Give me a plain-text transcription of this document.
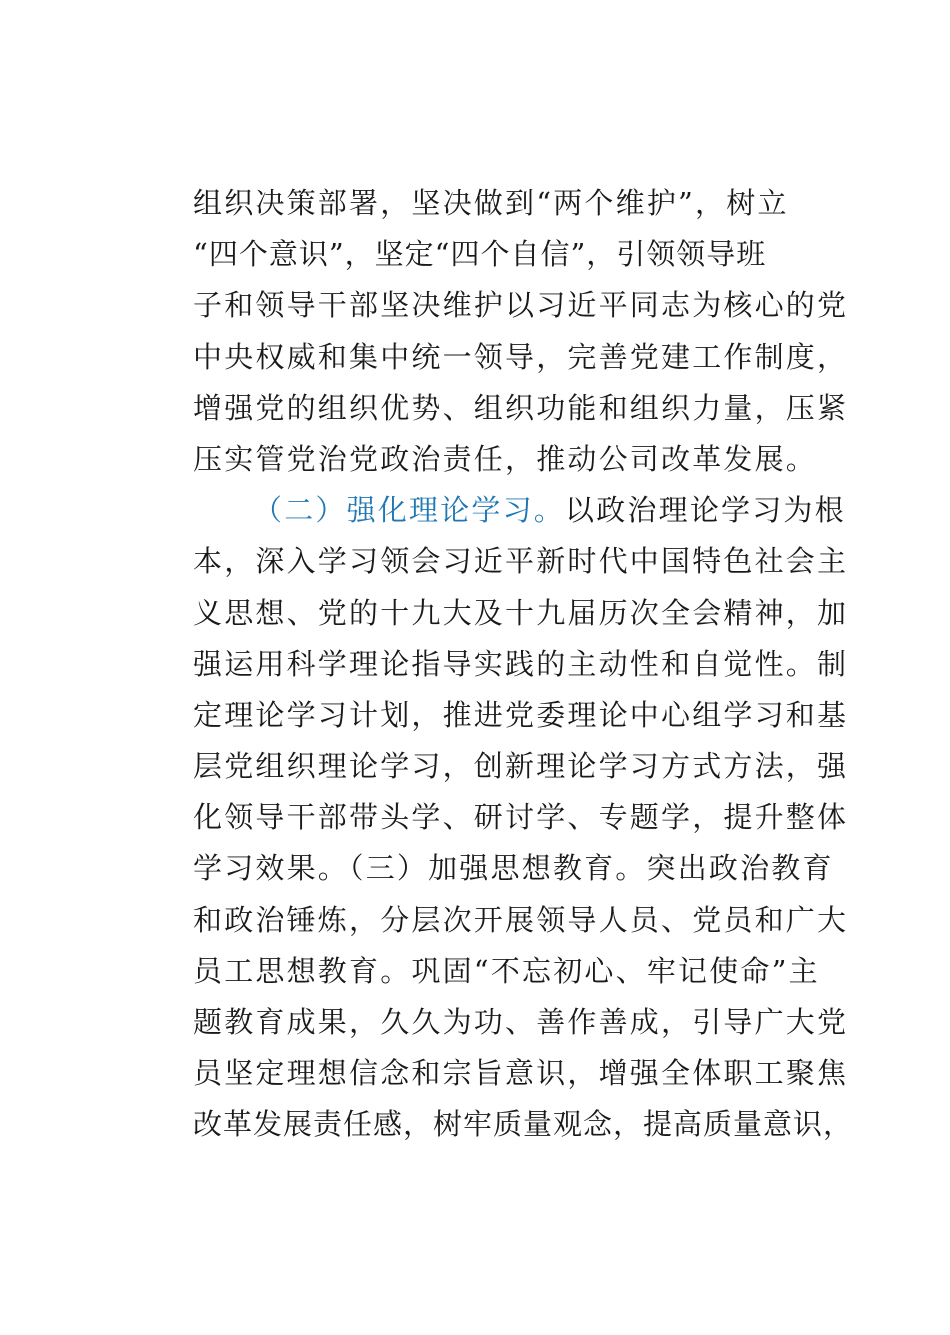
组织决策部署，坚决做到“两个维护”，树立
“四个意识”，坚定“四个自信”，引领领导班
子和领导干部坚决维护以习近平同志为核心的党
中央权威和集中统一领导，完善党建工作制度，
增强党的组织优势、组织功能和组织力量，压紧
压实管党治党政治责任，推动公司改革发展。
（二）强化理论学习。以政治理论学习为根
本，深入学习领会习近平新时代中国特色社会主
义思想、党的十九大及十九届历次全会精神，加
强运用科学理论指导实践的主动性和自觉性。制
定理论学习计划，推进党委理论中心组学习和基
层党组织理论学习，创新理论学习方式方法，强
化领导干部带头学、研讨学、专题学，提升整体
学习效果。（三）加强思想教育。突出政治教育
和政治锤炼，分层次开展领导人员、党员和广大
员工思想教育。巩固“不忘初心、牢记使命”主
题教育成果，久久为功、善作善成，引导广大党
员坚定理想信念和宗旨意识，增强全体职工聚焦
改革发展责任感，树牢质量观念，提高质量意识，
